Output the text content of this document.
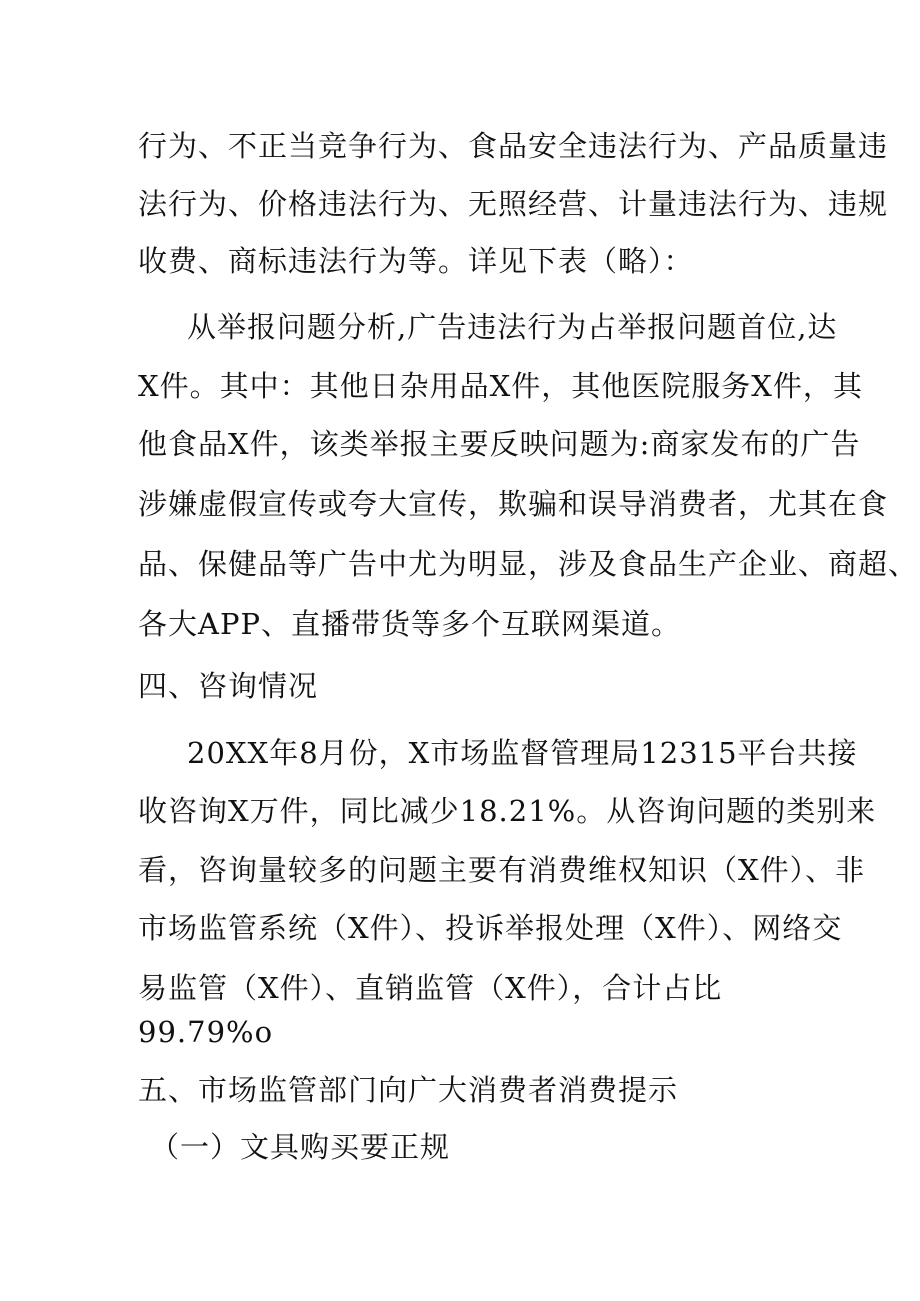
行为、不正当竞争行为、食品安全违法行为、产品质量违
法行为、价格违法行为、无照经营、计量违法行为、违规
收费、商标违法行为等。详见下表（略）：
从举报问题分析,广告违法行为占举报问题首位,达
X件。其中：其他日杂用品X件，其他医院服务X件，其
他食品X件，该类举报主要反映问题为:商家发布的广告
涉嫌虚假宣传或夸大宣传，欺骗和误导消费者，尤其在食
品、保健品等广告中尤为明显，涉及食品生产企业、商超、
各大APP、直播带货等多个互联网渠道。
四、咨询情况
20XX年8月份，X市场监督管理局12315平台共接
收咨询X万件，同比减少18.21%。从咨询问题的类别来
看，咨询量较多的问题主要有消费维权知识（X件）、非
市场监管系统（X件）、投诉举报处理（X件）、网络交
易监管（X件）、直销监管（X件），合计占比
99.79%o
五、市场监管部门向广大消费者消费提示
（一）文具购买要正规
